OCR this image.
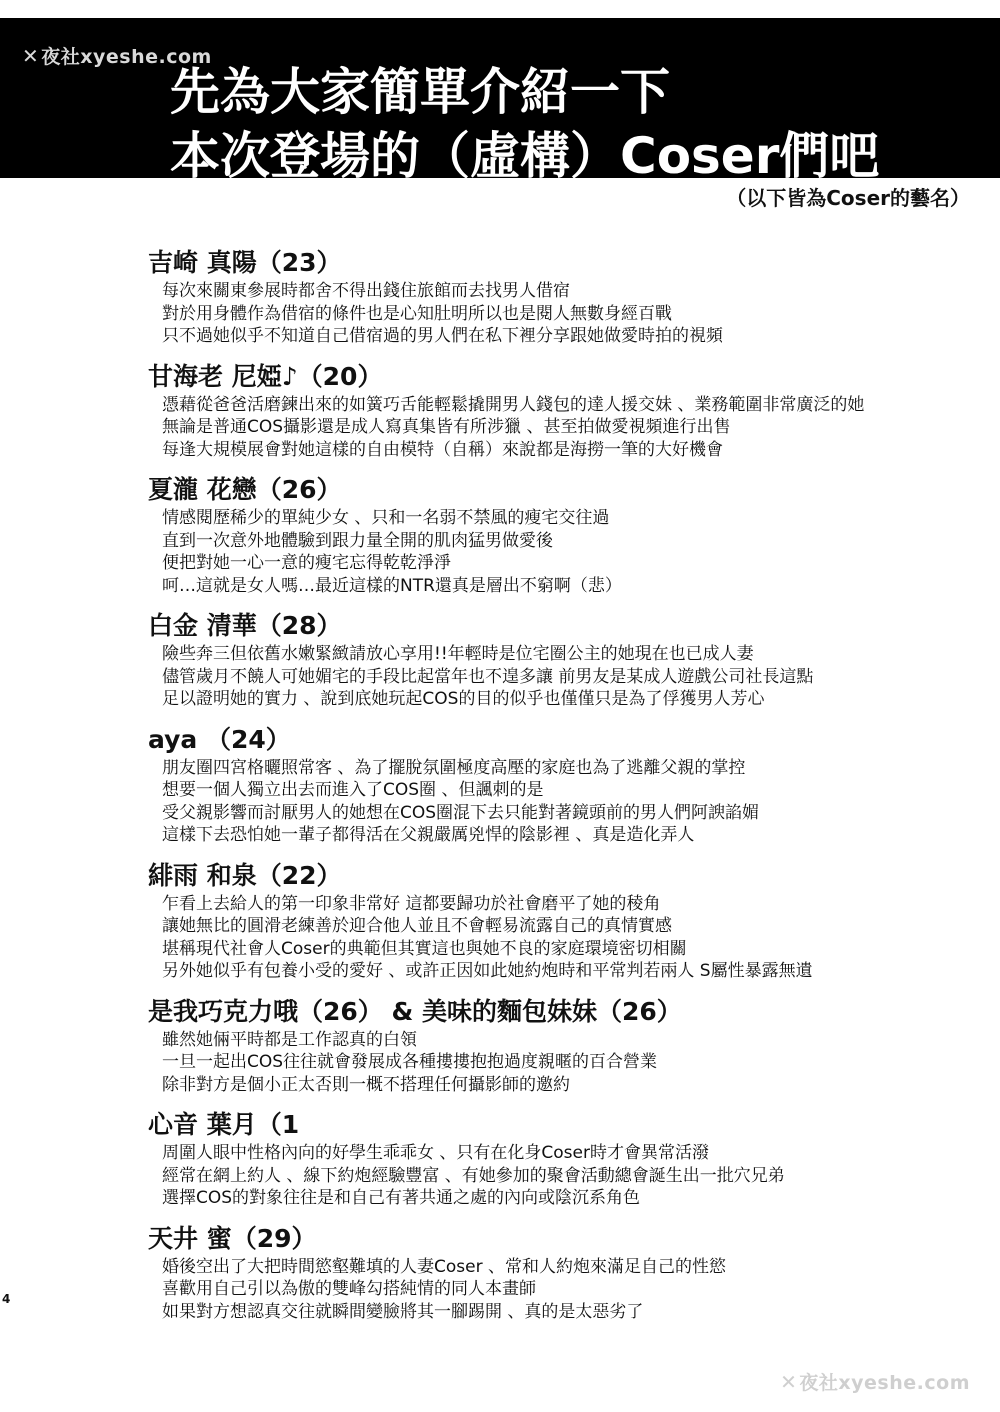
✕ 夜社xyeshe.com
先為大家簡單介紹一下
本次登場的（虛構）Coser們吧
（以下皆為Coser的藝名）
吉崎 真陽（23）
每次來關東參展時都舍不得出錢住旅館而去找男人借宿
對於用身體作為借宿的條件也是心知肚明所以也是閱人無數身經百戰
只不過她似乎不知道自己借宿過的男人們在私下裡分享跟她做愛時拍的視頻
甘海老 尼婭♪（20）
憑藉從爸爸活磨鍊出來的如簧巧舌能輕鬆撬開男人錢包的達人援交妹 、業務範圍非常廣泛的她
無論是普通COS攝影還是成人寫真集皆有所涉獵 、甚至拍做愛視頻進行出售
每逢大規模展會對她這樣的自由模特（自稱）來說都是海撈一筆的大好機會
夏瀧 花戀（26）
情感閱歷稀少的單純少女 、只和一名弱不禁風的瘦宅交往過
直到一次意外地體驗到跟力量全開的肌肉猛男做愛後
便把對她一心一意的瘦宅忘得乾乾淨淨
呵…這就是女人嗎…最近這樣的NTR還真是層出不窮啊（悲）
白金 清華（28）
險些奔三但依舊水嫩緊緻請放心享用!!年輕時是位宅圈公主的她現在也已成人妻
儘管歲月不饒人可她媚宅的手段比起當年也不遑多讓 前男友是某成人遊戲公司社長這點
足以證明她的實力 、說到底她玩起COS的目的似乎也僅僅只是為了俘獲男人芳心
aya （24）
朋友圈四宮格曬照常客 、為了擺脫氛圍極度高壓的家庭也為了逃離父親的掌控
想要一個人獨立出去而進入了COS圈 、但諷刺的是
受父親影響而討厭男人的她想在COS圈混下去只能對著鏡頭前的男人們阿諛諂媚
這樣下去恐怕她一輩子都得活在父親嚴厲兇悍的陰影裡 、真是造化弄人
緋雨 和泉（22）
乍看上去給人的第一印象非常好 這都要歸功於社會磨平了她的稜角
讓她無比的圓滑老練善於迎合他人並且不會輕易流露自己的真情實感
堪稱現代社會人Coser的典範但其實這也與她不良的家庭環境密切相關
另外她似乎有包養小受的愛好 、或許正因如此她約炮時和平常判若兩人 S屬性暴露無遺
是我巧克力哦（26） & 美味的麵包妹妹（26）
雖然她倆平時都是工作認真的白領
一旦一起出COS往往就會發展成各種摟摟抱抱過度親暱的百合營業
除非對方是個小正太否則一概不搭理任何攝影師的邀約
心音 葉月（1
周圍人眼中性格內向的好學生乖乖女 、只有在化身Coser時才會異常活潑
經常在網上約人 、線下約炮經驗豐富 、有她參加的聚會活動總會誕生出一批穴兄弟
選擇COS的對象往往是和自己有著共通之處的內向或陰沉系角色
天井 蜜（29）
婚後空出了大把時間慾壑難填的人妻Coser 、常和人約炮來滿足自己的性慾
喜歡用自己引以為傲的雙峰勾搭純情的同人本畫師
如果對方想認真交往就瞬間變臉將其一腳踢開 、真的是太惡劣了
4
✕ 夜社xyeshe.com
